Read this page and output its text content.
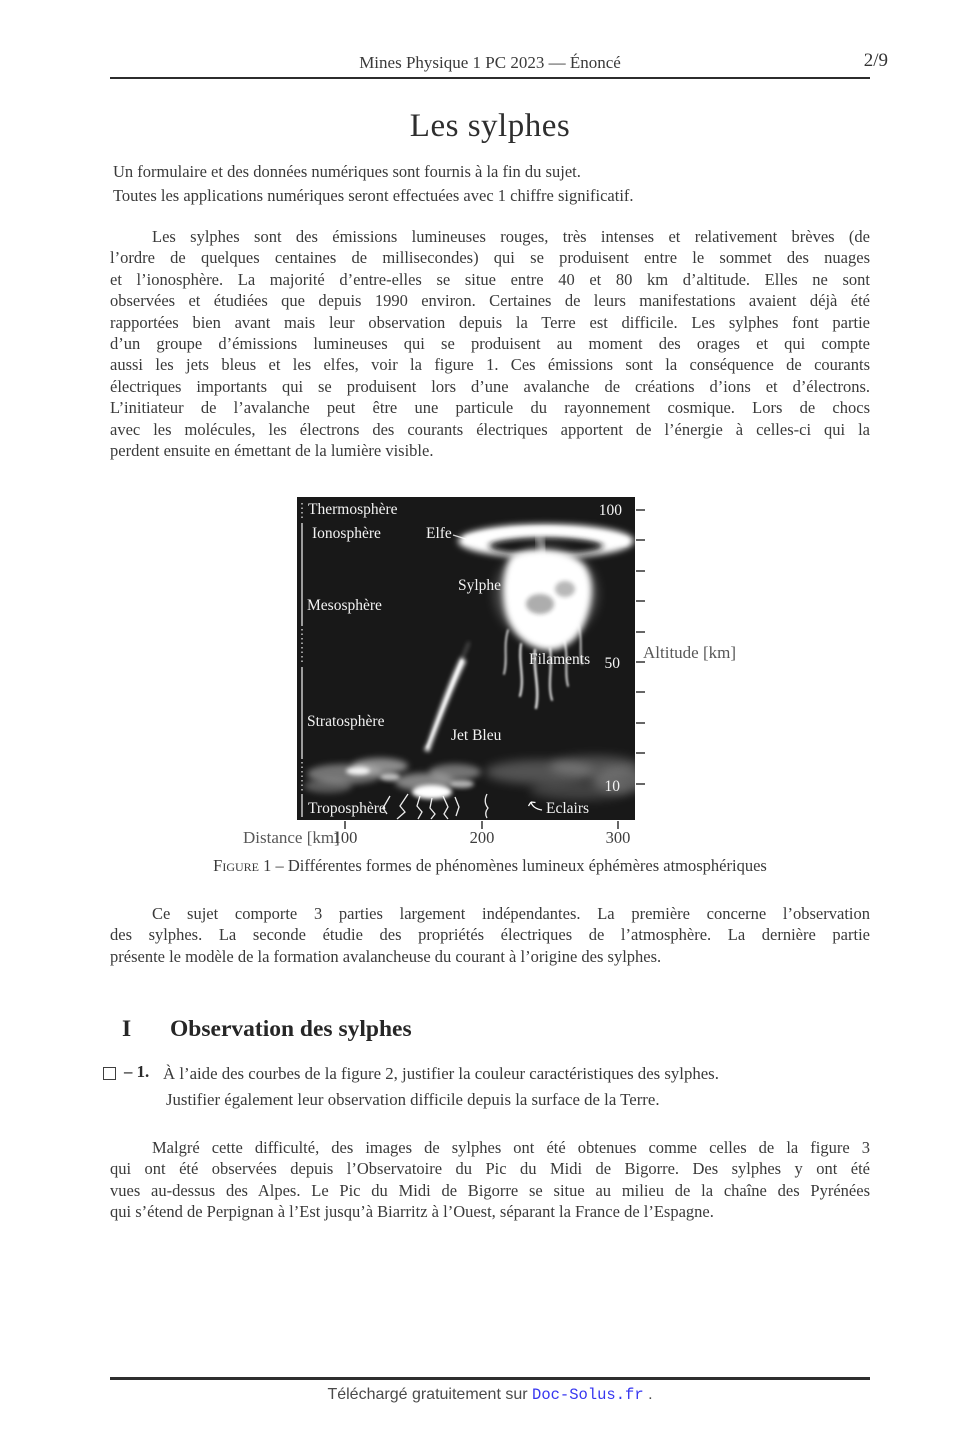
Mines Physique 1 PC 2023 — Énoncé	2/9
Les sylphes
Un formulaire et des données numériques sont fournis à la fin du sujet.
Toutes les applications numériques seront effectuées avec 1 chiffre significatif.
Les sylphes sont des émissions lumineuses rouges, très intenses et relativement brèves (de
l’ordre de quelques centaines de millisecondes) qui se produisent entre le sommet des nuages
et l’ionosphère. La majorité d’entre-elles se situe entre 40 et 80 km d’altitude. Elles ne sont
observées et étudiées que depuis 1990 environ. Certaines de leurs manifestations avaient déjà été
rapportées bien avant mais leur observation depuis la Terre est difficile. Les sylphes font partie
d’un groupe d’émissions lumineuses qui se produisent au moment des orages et qui compte
aussi les jets bleus et les elfes, voir la figure 1. Ces émissions sont la conséquence de courants
électriques importants qui se produisent lors d’une avalanche de créations d’ions et d’électrons.
L’initiateur de l’avalanche peut être une particule du rayonnement cosmique. Lors de chocs
avec les molécules, les électrons des courants électriques apportent de l’énergie à celles-ci qui la
perdent ensuite en émettant de la lumière visible.
Thermosphère
Ionosphère
Mesosphère
Stratosphère
Troposphère
Elfe
Sylphe
Filaments
Jet Bleu
Eclairs
100
50
10
Altitude [km]
Distance [km]
100	200	300
Figure 1 – Différentes formes de phénomènes lumineux éphémères atmosphériques
Ce sujet comporte 3 parties largement indépendantes. La première concerne l’observation
des sylphes. La seconde étudie des propriétés électriques de l’atmosphère. La dernière partie
présente le modèle de la formation avalancheuse du courant à l’origine des sylphes.
I Observation des sylphes
– 1. À l’aide des courbes de la figure 2, justifier la couleur caractéristiques des sylphes.
Justifier également leur observation difficile depuis la surface de la Terre.
Malgré cette difficulté, des images de sylphes ont été obtenues comme celles de la figure 3
qui ont été observées depuis l’Observatoire du Pic du Midi de Bigorre. Des sylphes y ont été
vues au-dessus des Alpes. Le Pic du Midi de Bigorre se situe au milieu de la chaîne des Pyrénées
qui s’étend de Perpignan à l’Est jusqu’à Biarritz à l’Ouest, séparant la France de l’Espagne.
Téléchargé gratuitement sur Doc-Solus.fr .
